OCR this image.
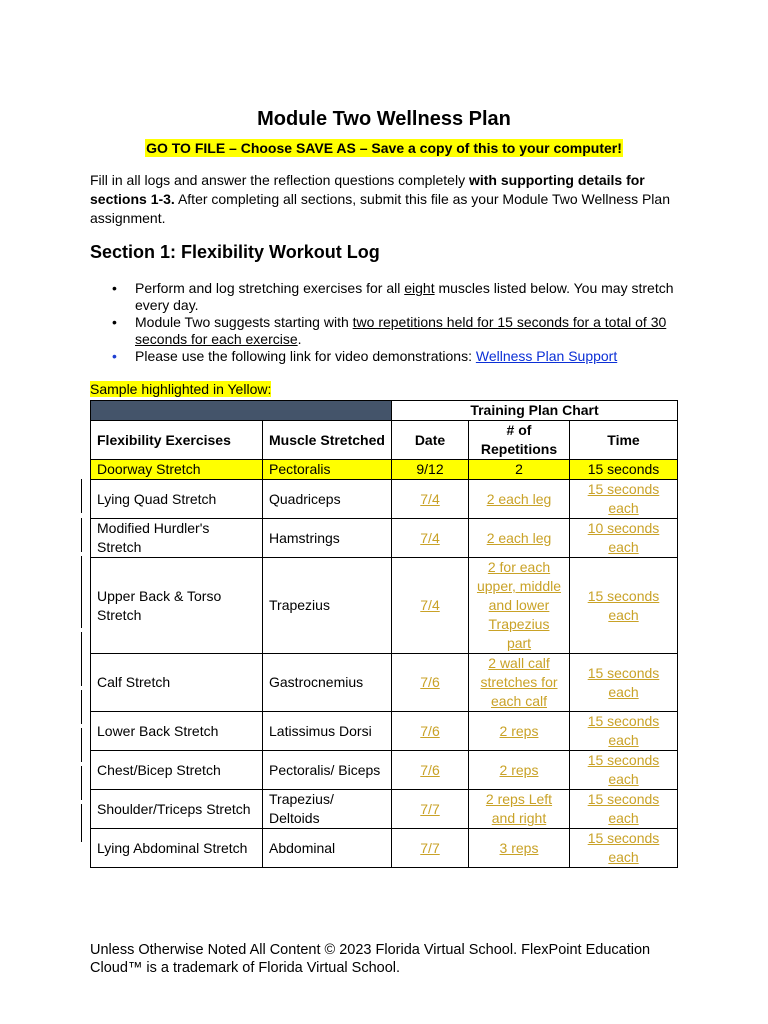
Module Two Wellness Plan
GO TO FILE – Choose SAVE AS – Save a copy of this to your computer!
Fill in all logs and answer the reflection questions completely with supporting details for sections 1-3. After completing all sections, submit this file as your Module Two Wellness Plan assignment.
Section 1: Flexibility Workout Log
• Perform and log stretching exercises for all eight muscles listed below. You may stretch every day.
• Module Two suggests starting with two repetitions held for 15 seconds for a total of 30 seconds for each exercise.
• Please use the following link for video demonstrations: Wellness Plan Support
Sample highlighted in Yellow:
		Training Plan Chart		
Flexibility Exercises	Muscle Stretched	Date	# of Repetitions	Time
Doorway Stretch	Pectoralis	9/12	2	15 seconds
Lying Quad Stretch	Quadriceps	7/4	2 each leg	15 seconds each
Modified Hurdler's Stretch	Hamstrings	7/4	2 each leg	10 seconds each
Upper Back & Torso Stretch	Trapezius	7/4	2 for each upper, middle and lower Trapezius part	15 seconds each
Calf Stretch	Gastrocnemius	7/6	2 wall calf stretches for each calf	15 seconds each
Lower Back Stretch	Latissimus Dorsi	7/6	2 reps	15 seconds each
Chest/Bicep Stretch	Pectoralis/ Biceps	7/6	2 reps	15 seconds each
Shoulder/Triceps Stretch	Trapezius/ Deltoids	7/7	2 reps Left and right	15 seconds each
Lying Abdominal Stretch	Abdominal	7/7	3 reps	15 seconds each
Unless Otherwise Noted All Content © 2023 Florida Virtual School. FlexPoint Education Cloud™ is a trademark of Florida Virtual School.
